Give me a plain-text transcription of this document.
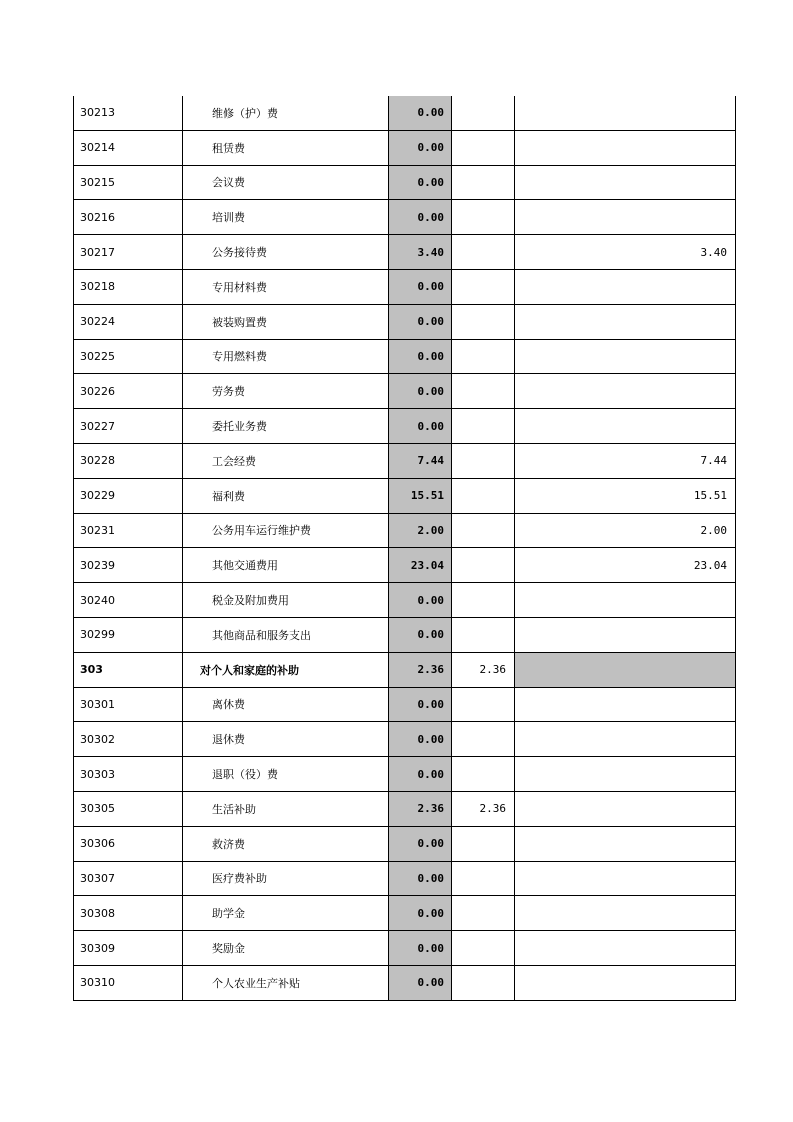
30213	维修（护）费	0.00		
30214	租赁费	0.00		
30215	会议费	0.00		
30216	培训费	0.00		
30217	公务接待费	3.40		3.40
30218	专用材料费	0.00		
30224	被装购置费	0.00		
30225	专用燃料费	0.00		
30226	劳务费	0.00		
30227	委托业务费	0.00		
30228	工会经费	7.44		7.44
30229	福利费	15.51		15.51
30231	公务用车运行维护费	2.00		2.00
30239	其他交通费用	23.04		23.04
30240	税金及附加费用	0.00		
30299	其他商品和服务支出	0.00		
303	对个人和家庭的补助	2.36	2.36	
30301	离休费	0.00		
30302	退休费	0.00		
30303	退职（役）费	0.00		
30305	生活补助	2.36	2.36	
30306	救济费	0.00		
30307	医疗费补助	0.00		
30308	助学金	0.00		
30309	奖励金	0.00		
30310	个人农业生产补贴	0.00		
